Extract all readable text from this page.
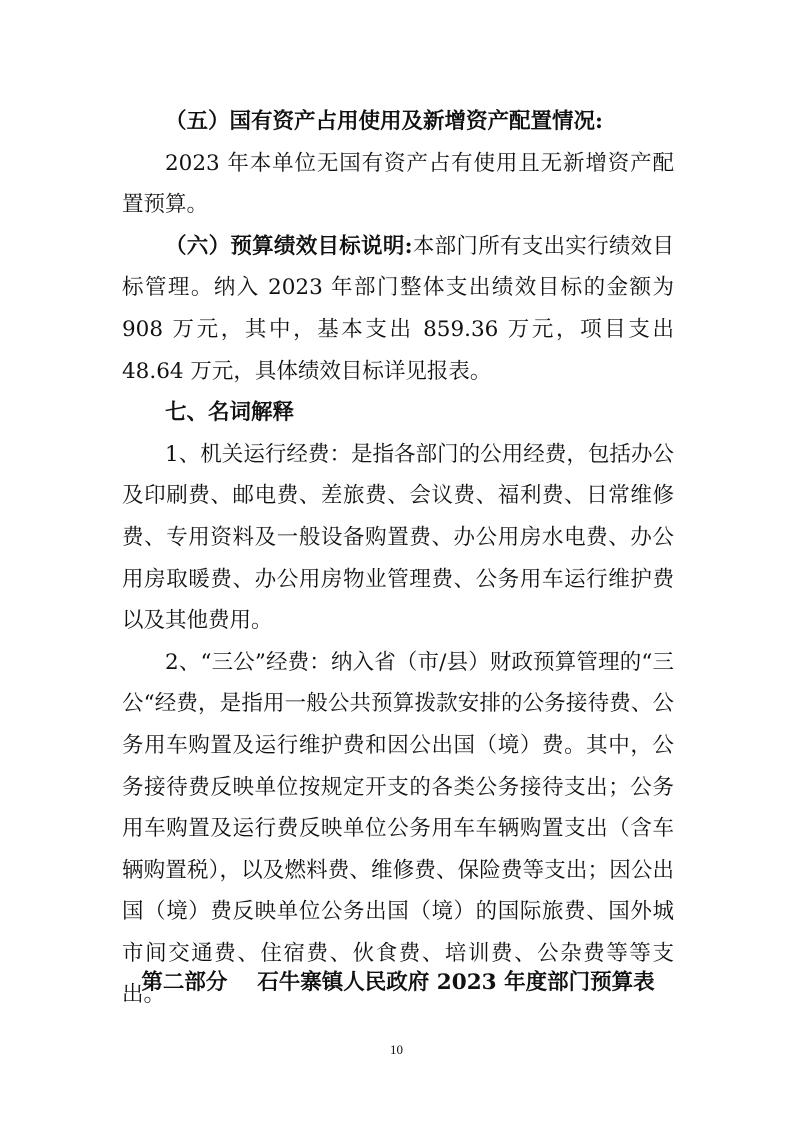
（五）国有资产占用使用及新增资产配置情况:

2023 年本单位无国有资产占有使用且无新增资产配置预算。

（六）预算绩效目标说明:本部门所有支出实行绩效目标管理。纳入 2023 年部门整体支出绩效目标的金额为 908 万元，其中，基本支出 859.36 万元，项目支出 48.64 万元，具体绩效目标详见报表。

七、名词解释

1、机关运行经费：是指各部门的公用经费，包括办公及印刷费、邮电费、差旅费、会议费、福利费、日常维修费、专用资料及一般设备购置费、办公用房水电费、办公用房取暖费、办公用房物业管理费、公务用车运行维护费以及其他费用。

2、“三公”经费：纳入省（市/县）财政预算管理的“三公“经费，是指用一般公共预算拨款安排的公务接待费、公务用车购置及运行维护费和因公出国（境）费。其中，公务接待费反映单位按规定开支的各类公务接待支出；公务用车购置及运行费反映单位公务用车车辆购置支出（含车辆购置税），以及燃料费、维修费、保险费等支出；因公出国（境）费反映单位公务出国（境）的国际旅费、国外城市间交通费、住宿费、伙食费、培训费、公杂费等等支出。

第二部分    石牛寨镇人民政府 2023 年度部门预算表

10
